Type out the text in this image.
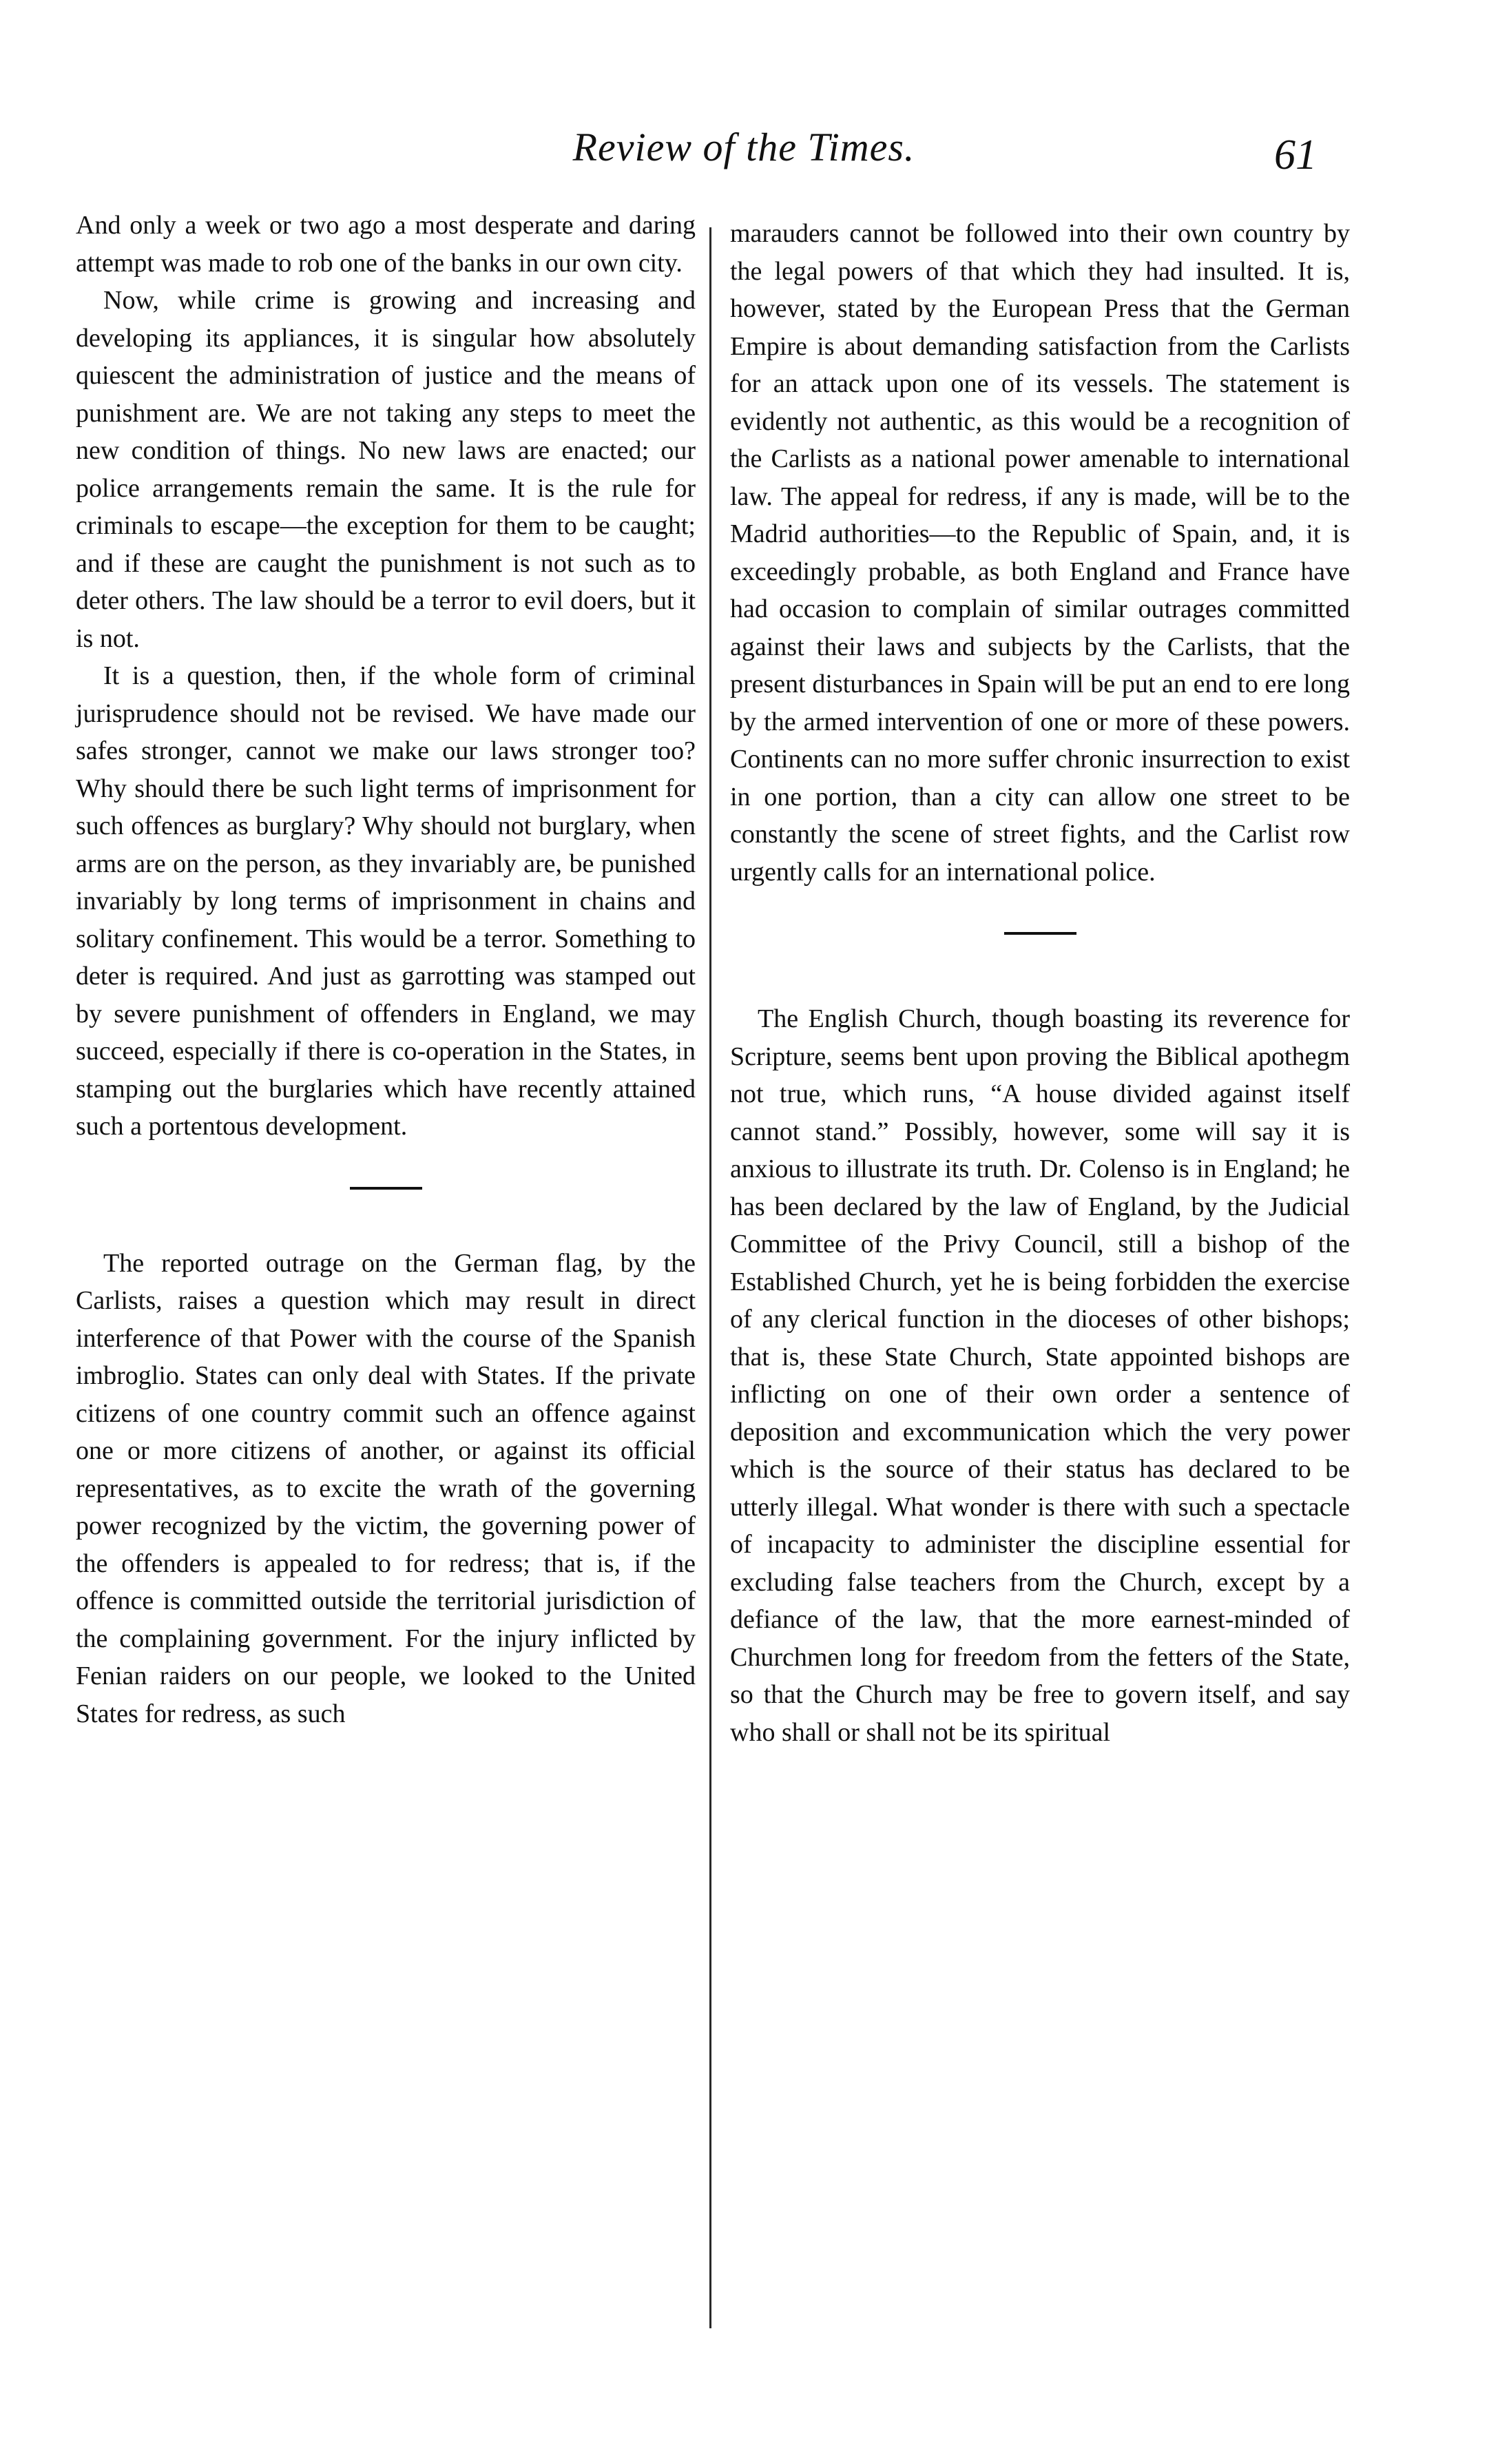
Review of the Times.	61

And only a week or two ago a most desperate and daring attempt was made to rob one of the banks in our own city.

Now, while crime is growing and increasing and developing its appliances, it is singular how absolutely quiescent the administration of justice and the means of punishment are. We are not taking any steps to meet the new condition of things. No new laws are enacted; our police arrangements remain the same. It is the rule for criminals to escape—the exception for them to be caught; and if these are caught the punishment is not such as to deter others. The law should be a terror to evil doers, but it is not.

It is a question, then, if the whole form of criminal jurisprudence should not be revised. We have made our safes stronger, cannot we make our laws stronger too? Why should there be such light terms of imprisonment for such offences as burglary? Why should not burglary, when arms are on the person, as they invariably are, be punished invariably by long terms of imprisonment in chains and solitary confinement. This would be a terror. Something to deter is required. And just as garrotting was stamped out by severe punishment of offenders in England, we may succeed, especially if there is co-operation in the States, in stamping out the burglaries which have recently attained such a portentous development.

The reported outrage on the German flag, by the Carlists, raises a question which may result in direct interference of that Power with the course of the Spanish imbroglio. States can only deal with States. If the private citizens of one country commit such an offence against one or more citizens of another, or against its official representatives, as to excite the wrath of the governing power recognized by the victim, the governing power of the offenders is appealed to for redress; that is, if the offence is committed outside the territorial jurisdiction of the complaining government. For the injury inflicted by Fenian raiders on our people, we looked to the United States for redress, as such

marauders cannot be followed into their own country by the legal powers of that which they had insulted. It is, however, stated by the European Press that the German Empire is about demanding satisfaction from the Carlists for an attack upon one of its vessels. The statement is evidently not authentic, as this would be a recognition of the Carlists as a national power amenable to international law. The appeal for redress, if any is made, will be to the Madrid authorities—to the Republic of Spain, and, it is exceedingly probable, as both England and France have had occasion to complain of similar outrages committed against their laws and subjects by the Carlists, that the present disturbances in Spain will be put an end to ere long by the armed intervention of one or more of these powers. Continents can no more suffer chronic insurrection to exist in one portion, than a city can allow one street to be constantly the scene of street fights, and the Carlist row urgently calls for an international police.

The English Church, though boasting its reverence for Scripture, seems bent upon proving the Biblical apothegm not true, which runs, “A house divided against itself cannot stand.” Possibly, however, some will say it is anxious to illustrate its truth. Dr. Colenso is in England; he has been declared by the law of England, by the Judicial Committee of the Privy Council, still a bishop of the Established Church, yet he is being forbidden the exercise of any clerical function in the dioceses of other bishops; that is, these State Church, State appointed bishops are inflicting on one of their own order a sentence of deposition and excommunication which the very power which is the source of their status has declared to be utterly illegal. What wonder is there with such a spectacle of incapacity to administer the discipline essential for excluding false teachers from the Church, except by a defiance of the law, that the more earnest-minded of Churchmen long for freedom from the fetters of the State, so that the Church may be free to govern itself, and say who shall or shall not be its spiritual
